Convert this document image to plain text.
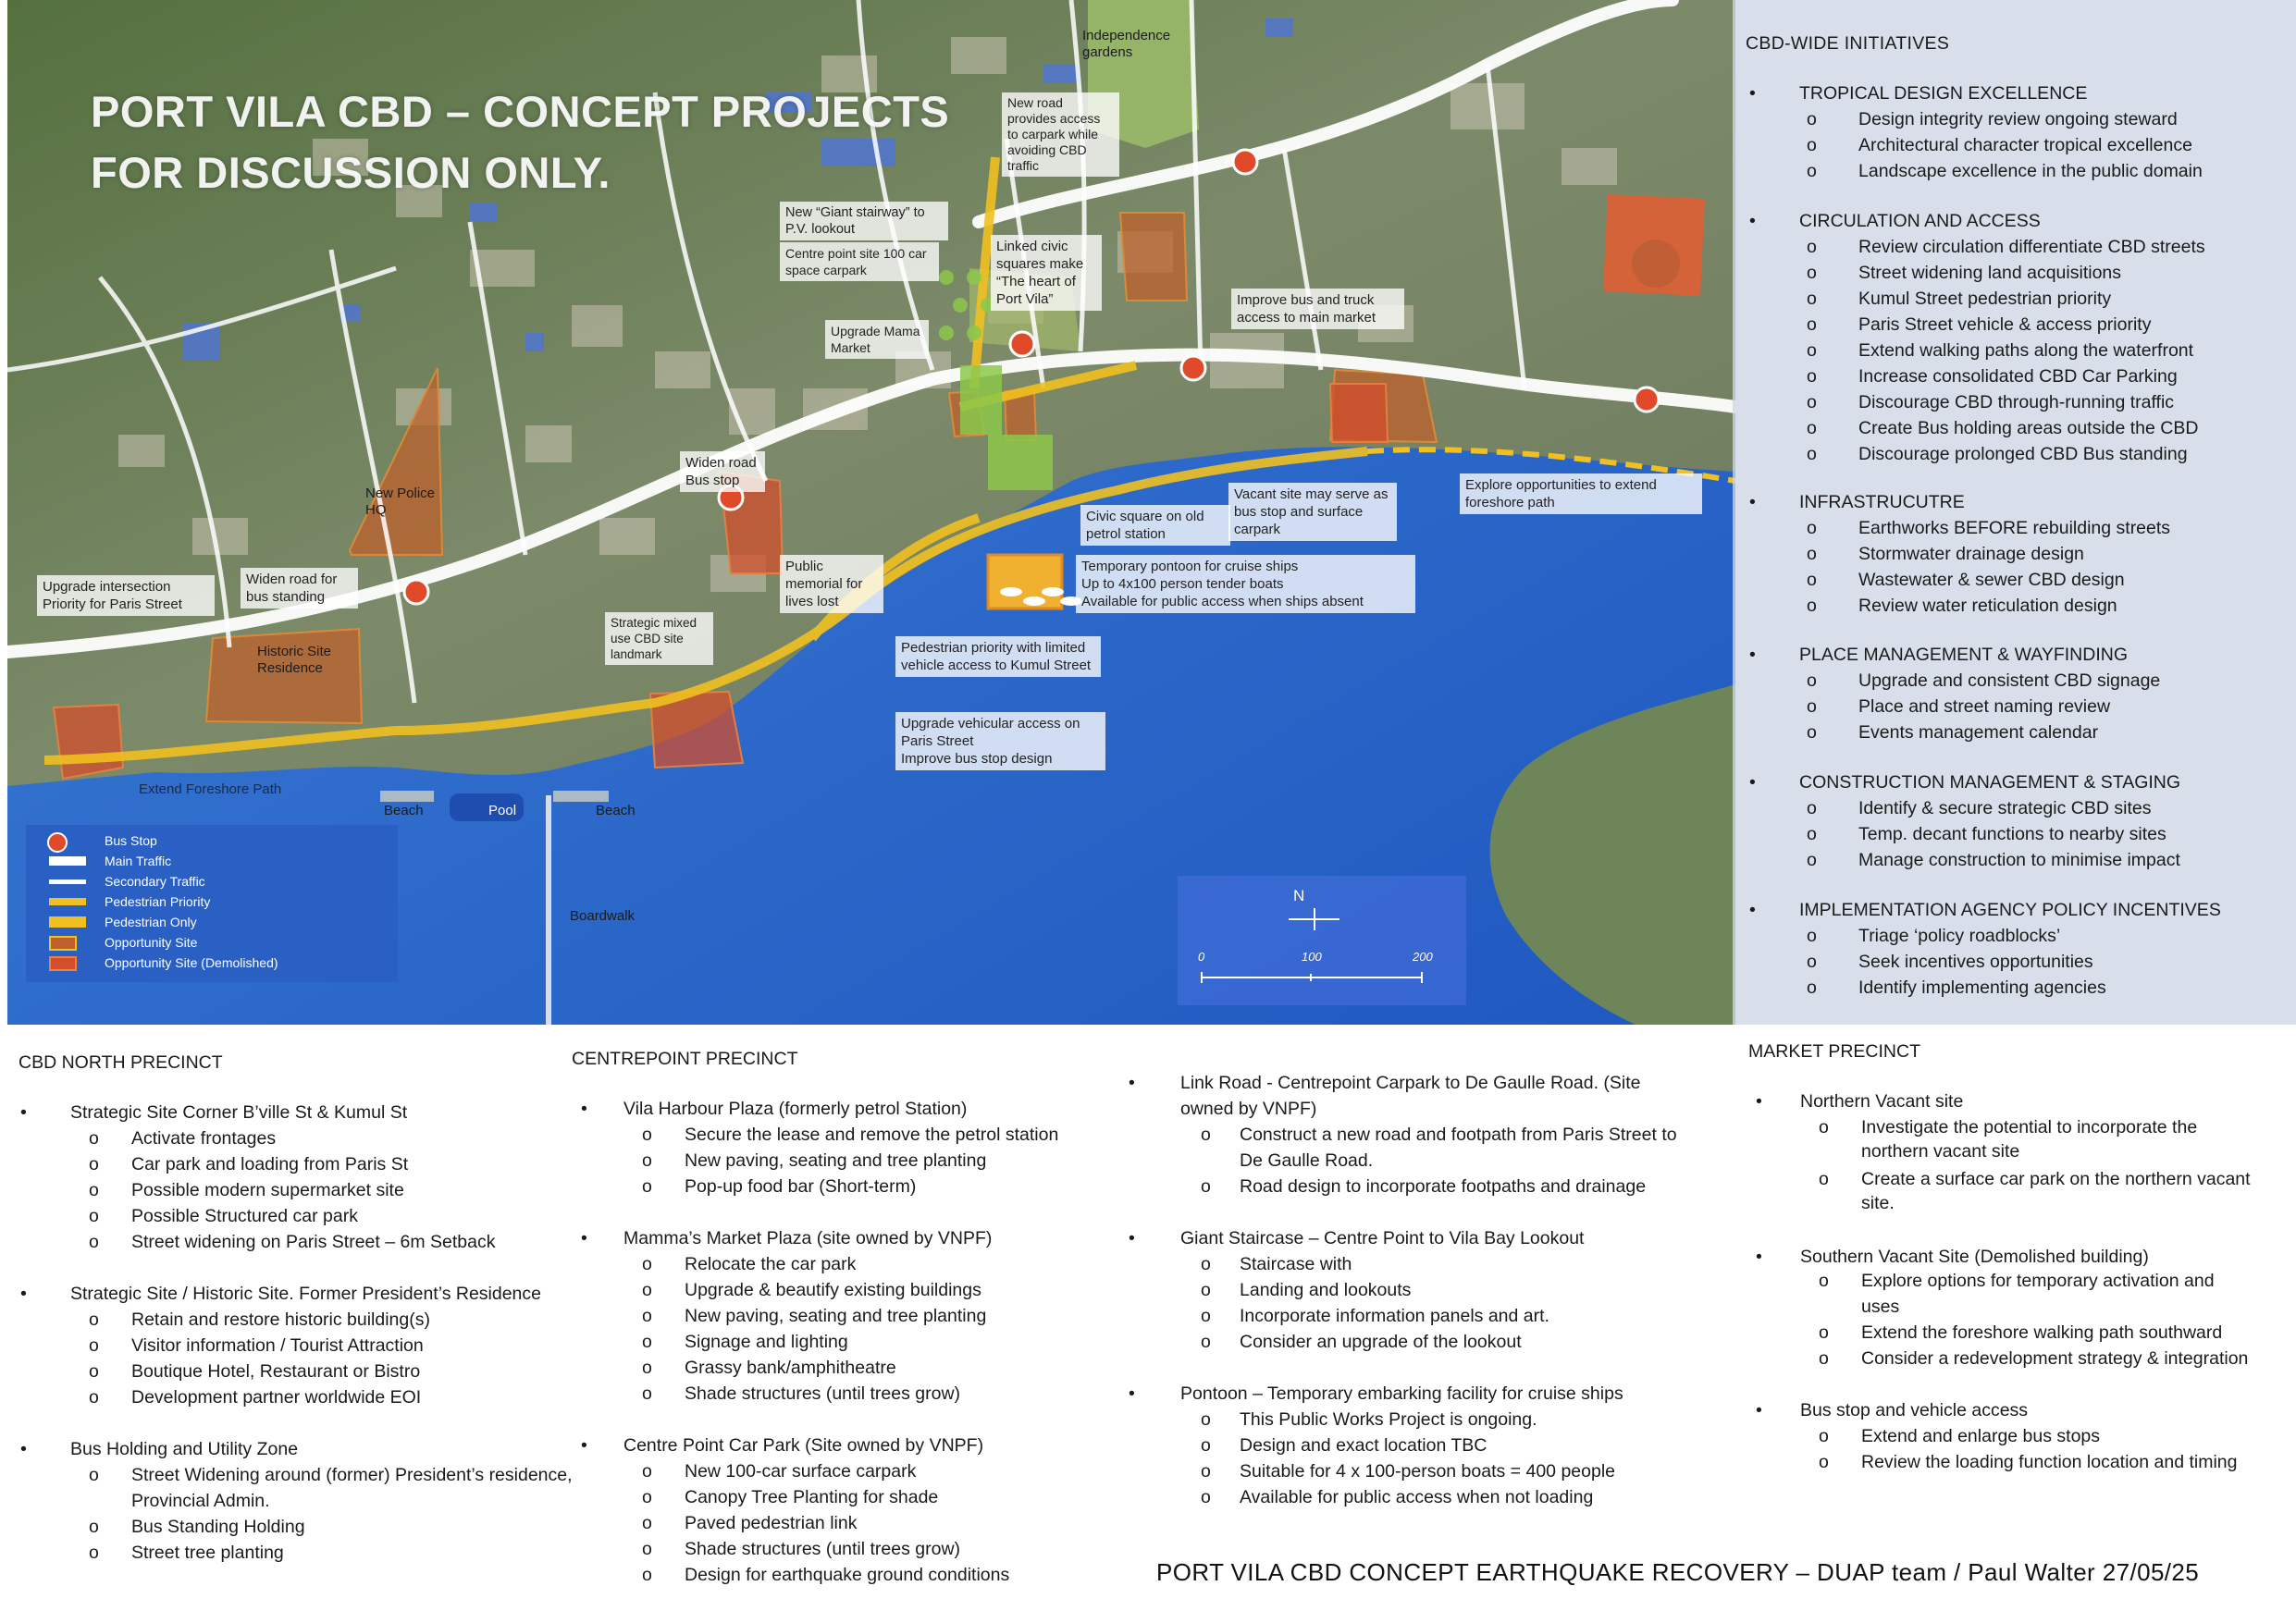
PORT VILA CBD – CONCEPT PROJECTS
FOR DISCUSSION ONLY.
Independence gardens
New road provides access to carpark while avoiding CBD traffic
New “Giant stairway” to P.V. lookout
Centre point site 100 car space carpark
Linked civic squares make “The heart of Port Vila”
Upgrade Mama Market
Improve bus and truck access to main market
Widen road Bus stop
New Police HQ
Upgrade intersection Priority for Paris Street
Widen road for bus standing
Historic Site Residence
Strategic mixed use CBD site landmark
Public memorial for lives lost
Civic square on old petrol station
Vacant site may serve as bus stop and surface carpark
Explore opportunities to extend foreshore path
Temporary pontoon for cruise ships
Up to 4x100 person tender boats
Available for public access when ships absent
Pedestrian priority with limited vehicle access to Kumul Street
Upgrade vehicular access on Paris Street
Improve bus stop design
Extend Foreshore Path
Beach	Pool	Beach
Boardwalk
Bus Stop
Main Traffic
Secondary Traffic
Pedestrian Priority
Pedestrian Only
Opportunity Site
Opportunity Site (Demolished)
N
0	100	200
CBD-WIDE INITIATIVES
• TROPICAL DESIGN EXCELLENCE
o Design integrity review ongoing steward
o Architectural character tropical excellence
o Landscape excellence in the public domain
• CIRCULATION AND ACCESS
o Review circulation differentiate CBD streets
o Street widening land acquisitions
o Kumul Street pedestrian priority
o Paris Street vehicle & access priority
o Extend walking paths along the waterfront
o Increase consolidated CBD Car Parking
o Discourage CBD through-running traffic
o Create Bus holding areas outside the CBD
o Discourage prolonged CBD Bus standing
• INFRASTRUCUTRE
o Earthworks BEFORE rebuilding streets
o Stormwater drainage design
o Wastewater & sewer CBD design
o Review water reticulation design
• PLACE MANAGEMENT & WAYFINDING
o Upgrade and consistent CBD signage
o Place and street naming review
o Events management calendar
• CONSTRUCTION MANAGEMENT & STAGING
o Identify & secure strategic CBD sites
o Temp. decant functions to nearby sites
o Manage construction to minimise impact
• IMPLEMENTATION AGENCY POLICY INCENTIVES
o Triage ‘policy roadblocks’
o Seek incentives opportunities
o Identify implementing agencies
CBD NORTH PRECINCT
• Strategic Site Corner B’ville St & Kumul St
o Activate frontages
o Car park and loading from Paris St
o Possible modern supermarket site
o Possible Structured car park
o Street widening on Paris Street – 6m Setback
• Strategic Site / Historic Site. Former President’s Residence
o Retain and restore historic building(s)
o Visitor information / Tourist Attraction
o Boutique Hotel, Restaurant or Bistro
o Development partner worldwide EOI
• Bus Holding and Utility Zone
o Street Widening around (former) President’s residence,
Provincial Admin.
o Bus Standing Holding
o Street tree planting
CENTREPOINT PRECINCT
• Vila Harbour Plaza (formerly petrol Station)
o Secure the lease and remove the petrol station
o New paving, seating and tree planting
o Pop-up food bar (Short-term)
• Mamma’s Market Plaza (site owned by VNPF)
o Relocate the car park
o Upgrade & beautify existing buildings
o New paving, seating and tree planting
o Signage and lighting
o Grassy bank/amphitheatre
o Shade structures (until trees grow)
• Centre Point Car Park (Site owned by VNPF)
o New 100-car surface carpark
o Canopy Tree Planting for shade
o Paved pedestrian link
o Shade structures (until trees grow)
o Design for earthquake ground conditions
•	Link Road - Centrepoint Carpark to De Gaulle Road. (Site
owned by VNPF)
o Construct a new road and footpath from Paris Street to
De Gaulle Road.
o Road design to incorporate footpaths and drainage
•	Giant Staircase – Centre Point to Vila Bay Lookout
o Staircase with
o Landing and lookouts
o Incorporate information panels and art.
o Consider an upgrade of the lookout
•	Pontoon – Temporary embarking facility for cruise ships
o This Public Works Project is ongoing.
o Design and exact location TBC
o Suitable for 4 x 100-person boats = 400 people
o Available for public access when not loading
MARKET PRECINCT
• Northern Vacant site
o Investigate the potential to incorporate the
northern vacant site
o Create a surface car park on the northern vacant
site.
• Southern Vacant Site (Demolished building)
o Explore options for temporary activation and
uses
o Extend the foreshore walking path southward
o Consider a redevelopment strategy & integration
• Bus stop and vehicle access
o Extend and enlarge bus stops
o Review the loading function location and timing
PORT VILA CBD CONCEPT EARTHQUAKE RECOVERY – DUAP team / Paul Walter 27/05/25
